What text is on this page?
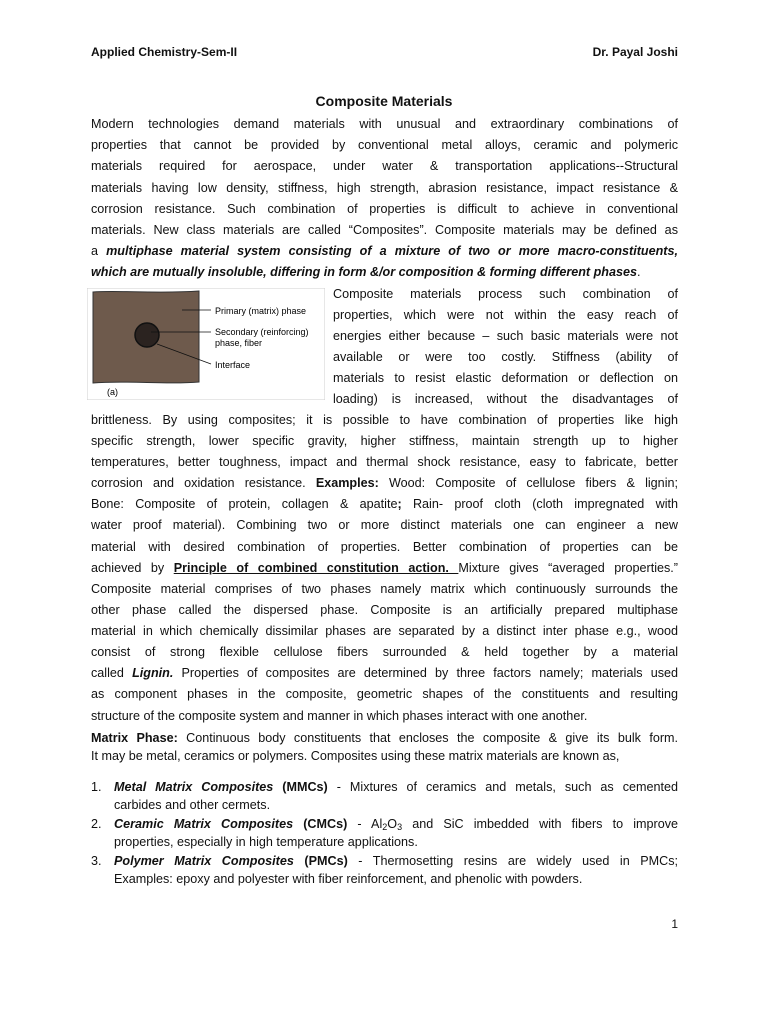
Applied Chemistry-Sem-II	Dr. Payal Joshi
Composite Materials
Modern technologies demand materials with unusual and extraordinary combinations of
properties that cannot be provided by conventional metal alloys, ceramic and polymeric
materials required for aerospace, under water & transportation applications--Structural
materials having low density, stiffness, high strength, abrasion resistance, impact resistance &
corrosion resistance. Such combination of properties is difficult to achieve in conventional
materials. New class materials are called “Composites”. Composite materials may be defined as
a multiphase material system consisting of a mixture of two or more macro-constituents,
which are mutually insoluble, differing in form &/or composition & forming different phases.
Primary (matrix) phase
Secondary (reinforcing)
phase, fiber
Interface
(a)
Composite materials process such combination of
properties, which were not within the easy reach of
energies either because – such basic materials were not
available or were too costly. Stiffness (ability of
materials to resist elastic deformation or deflection on
loading) is increased, without the disadvantages of
brittleness. By using composites; it is possible to have combination of properties like high
specific strength, lower specific gravity, higher stiffness, maintain strength up to higher
temperatures, better toughness, impact and thermal shock resistance, easy to fabricate, better
corrosion and oxidation resistance. Examples: Wood: Composite of cellulose fibers & lignin;
Bone: Composite of protein, collagen & apatite; Rain- proof cloth (cloth impregnated with
water proof material). Combining two or more distinct materials one can engineer a new
material with desired combination of properties. Better combination of properties can be
achieved by Principle of combined constitution action. Mixture gives “averaged properties.”
Composite material comprises of two phases namely matrix which continuously surrounds the
other phase called the dispersed phase. Composite is an artificially prepared multiphase
material in which chemically dissimilar phases are separated by a distinct inter phase e.g., wood
consist of strong flexible cellulose fibers surrounded & held together by a material
called Lignin. Properties of composites are determined by three factors namely; materials used
as component phases in the composite, geometric shapes of the constituents and resulting
structure of the composite system and manner in which phases interact with one another.
Matrix Phase: Continuous body constituents that encloses the composite & give its bulk form.
It may be metal, ceramics or polymers. Composites using these matrix materials are known as,
1. Metal Matrix Composites (MMCs) - Mixtures of ceramics and metals, such as cemented
carbides and other cermets.
2. Ceramic Matrix Composites (CMCs) - $Al_2O_3$ and SiC imbedded with fibers to improve
properties, especially in high temperature applications.
3. Polymer Matrix Composites (PMCs) - Thermosetting resins are widely used in PMCs;
Examples: epoxy and polyester with fiber reinforcement, and phenolic with powders.
1
